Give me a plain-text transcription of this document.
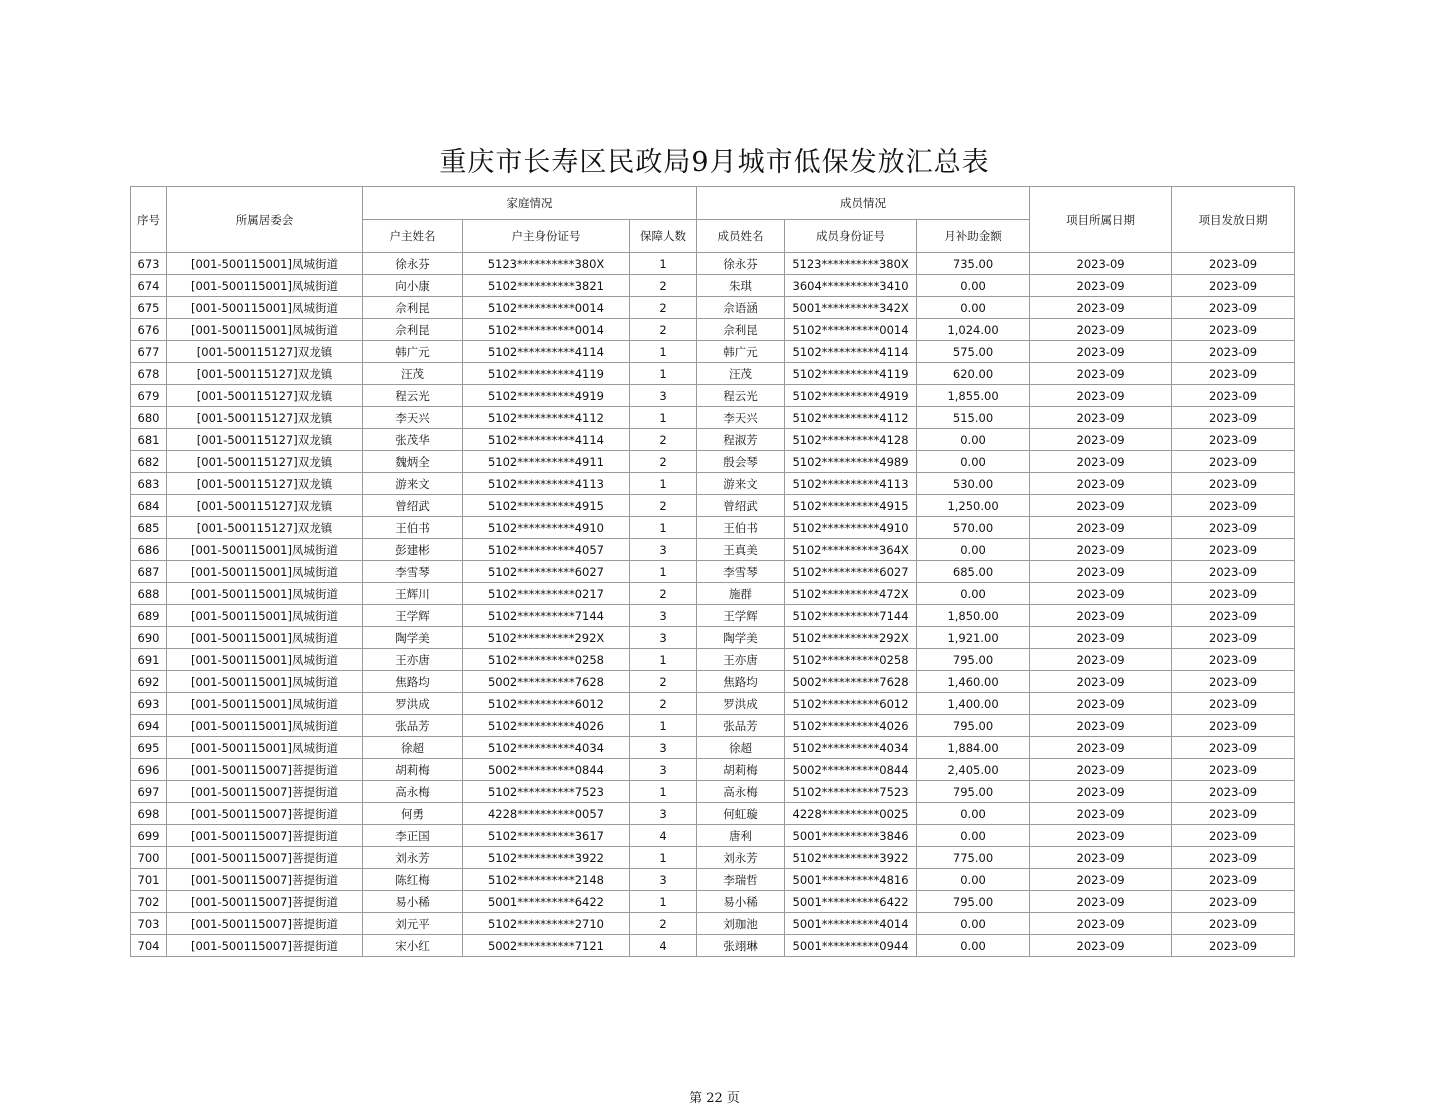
重庆市长寿区民政局9月城市低保发放汇总表
序号	所属居委会	家庭情况			成员情况			项目所属日期	项目发放日期
		户主姓名	户主身份证号	保障人数	成员姓名	成员身份证号	月补助金额		
673	[001-500115001]凤城街道	徐永芬	5123**********380X	1	徐永芬	5123**********380X	735.00	2023-09	2023-09
674	[001-500115001]凤城街道	向小康	5102**********3821	2	朱琪	3604**********3410	0.00	2023-09	2023-09
675	[001-500115001]凤城街道	佘利昆	5102**********0014	2	佘语涵	5001**********342X	0.00	2023-09	2023-09
676	[001-500115001]凤城街道	佘利昆	5102**********0014	2	佘利昆	5102**********0014	1,024.00	2023-09	2023-09
677	[001-500115127]双龙镇	韩广元	5102**********4114	1	韩广元	5102**********4114	575.00	2023-09	2023-09
678	[001-500115127]双龙镇	汪茂	5102**********4119	1	汪茂	5102**********4119	620.00	2023-09	2023-09
679	[001-500115127]双龙镇	程云光	5102**********4919	3	程云光	5102**********4919	1,855.00	2023-09	2023-09
680	[001-500115127]双龙镇	李天兴	5102**********4112	1	李天兴	5102**********4112	515.00	2023-09	2023-09
681	[001-500115127]双龙镇	张茂华	5102**********4114	2	程淑芳	5102**********4128	0.00	2023-09	2023-09
682	[001-500115127]双龙镇	魏炳全	5102**********4911	2	殷会琴	5102**********4989	0.00	2023-09	2023-09
683	[001-500115127]双龙镇	游来文	5102**********4113	1	游来文	5102**********4113	530.00	2023-09	2023-09
684	[001-500115127]双龙镇	曾绍武	5102**********4915	2	曾绍武	5102**********4915	1,250.00	2023-09	2023-09
685	[001-500115127]双龙镇	王伯书	5102**********4910	1	王伯书	5102**********4910	570.00	2023-09	2023-09
686	[001-500115001]凤城街道	彭建彬	5102**********4057	3	王真美	5102**********364X	0.00	2023-09	2023-09
687	[001-500115001]凤城街道	李雪琴	5102**********6027	1	李雪琴	5102**********6027	685.00	2023-09	2023-09
688	[001-500115001]凤城街道	王辉川	5102**********0217	2	施群	5102**********472X	0.00	2023-09	2023-09
689	[001-500115001]凤城街道	王学辉	5102**********7144	3	王学辉	5102**********7144	1,850.00	2023-09	2023-09
690	[001-500115001]凤城街道	陶学美	5102**********292X	3	陶学美	5102**********292X	1,921.00	2023-09	2023-09
691	[001-500115001]凤城街道	王亦唐	5102**********0258	1	王亦唐	5102**********0258	795.00	2023-09	2023-09
692	[001-500115001]凤城街道	焦路均	5002**********7628	2	焦路均	5002**********7628	1,460.00	2023-09	2023-09
693	[001-500115001]凤城街道	罗洪成	5102**********6012	2	罗洪成	5102**********6012	1,400.00	2023-09	2023-09
694	[001-500115001]凤城街道	张品芳	5102**********4026	1	张品芳	5102**********4026	795.00	2023-09	2023-09
695	[001-500115001]凤城街道	徐超	5102**********4034	3	徐超	5102**********4034	1,884.00	2023-09	2023-09
696	[001-500115007]菩提街道	胡莉梅	5002**********0844	3	胡莉梅	5002**********0844	2,405.00	2023-09	2023-09
697	[001-500115007]菩提街道	高永梅	5102**********7523	1	高永梅	5102**********7523	795.00	2023-09	2023-09
698	[001-500115007]菩提街道	何勇	4228**********0057	3	何虹璇	4228**********0025	0.00	2023-09	2023-09
699	[001-500115007]菩提街道	李正国	5102**********3617	4	唐利	5001**********3846	0.00	2023-09	2023-09
700	[001-500115007]菩提街道	刘永芳	5102**********3922	1	刘永芳	5102**********3922	775.00	2023-09	2023-09
701	[001-500115007]菩提街道	陈红梅	5102**********2148	3	李瑞哲	5001**********4816	0.00	2023-09	2023-09
702	[001-500115007]菩提街道	易小稀	5001**********6422	1	易小稀	5001**********6422	795.00	2023-09	2023-09
703	[001-500115007]菩提街道	刘元平	5102**********2710	2	刘珈池	5001**********4014	0.00	2023-09	2023-09
704	[001-500115007]菩提街道	宋小红	5002**********7121	4	张翊琳	5001**********0944	0.00	2023-09	2023-09
第 22 页
